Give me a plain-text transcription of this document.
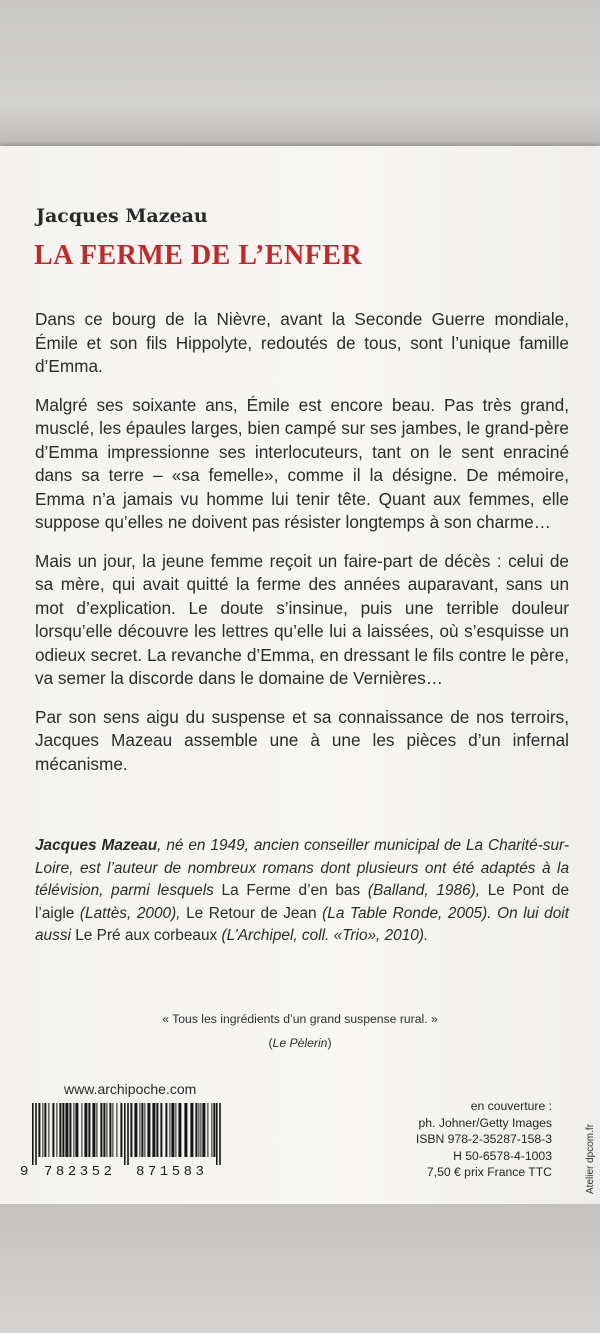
Jacques Mazeau
LA FERME DE L’ENFER

Dans ce bourg de la Nièvre, avant la Seconde Guerre mondiale, Émile et son fils Hippolyte, redoutés de tous, sont l’unique famille d’Emma.

Malgré ses soixante ans, Émile est encore beau. Pas très grand, musclé, les épaules larges, bien campé sur ses jambes, le grand-père d’Emma impressionne ses interlocuteurs, tant on le sent enraciné dans sa terre – «sa femelle», comme il la désigne. De mémoire, Emma n’a jamais vu homme lui tenir tête. Quant aux femmes, elle suppose qu’elles ne doivent pas résister longtemps à son charme…

Mais un jour, la jeune femme reçoit un faire-part de décès : celui de sa mère, qui avait quitté la ferme des années auparavant, sans un mot d’explication. Le doute s’insinue, puis une terrible douleur lorsqu’elle découvre les lettres qu’elle lui a laissées, où s’esquisse un odieux secret. La revanche d’Emma, en dressant le fils contre le père, va semer la discorde dans le domaine de Vernières…

Par son sens aigu du suspense et sa connaissance de nos terroirs, Jacques Mazeau assemble une à une les pièces d’un infernal mécanisme.

Jacques Mazeau, né en 1949, ancien conseiller municipal de La Charité-sur-Loire, est l’auteur de nombreux romans dont plusieurs ont été adaptés à la télévision, parmi lesquels La Ferme d’en bas (Balland, 1986), Le Pont de l’aigle (Lattès, 2000), Le Retour de Jean (La Table Ronde, 2005). On lui doit aussi Le Pré aux corbeaux (L’Archipel, coll. «Trio», 2010).

« Tous les ingrédients d’un grand suspense rural. »

(Le Pèlerin)

www.archipoche.com
9 782352 871583
en couverture :
ph. Johner/Getty Images
ISBN 978-2-35287-158-3
H 50-6578-4-1003
7,50 € prix France TTC	Atelier dpcom.fr
